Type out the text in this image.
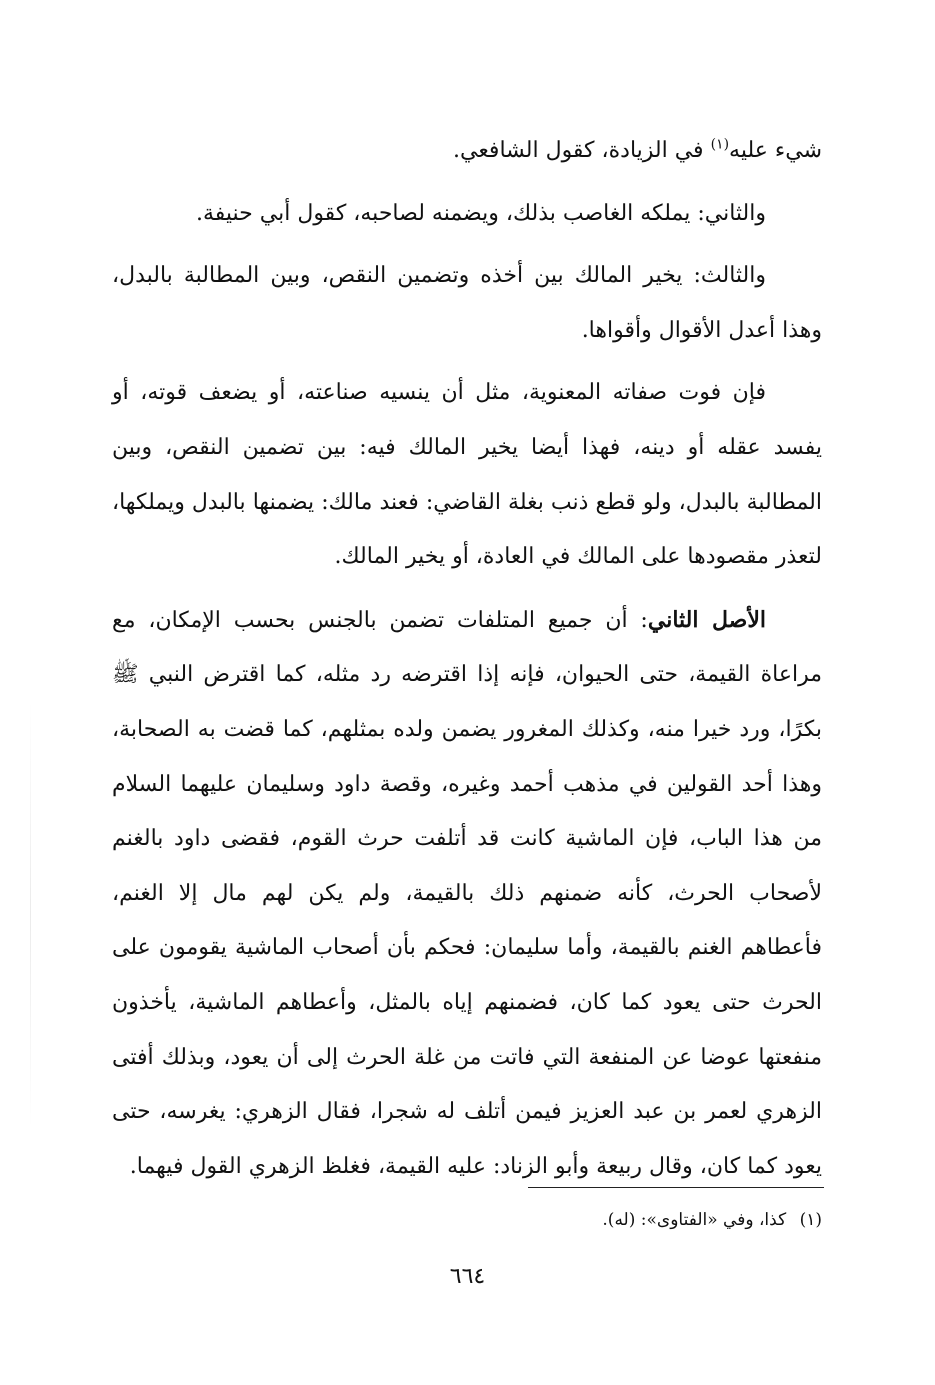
شيء عليه$^{(١)}$ في الزيادة، كقول الشافعي.

والثاني: يملكه الغاصب بذلك، ويضمنه لصاحبه، كقول أبي حنيفة.

والثالث: يخير المالك بين أخذه وتضمين النقص، وبين المطالبة بالبدل، وهذا أعدل الأقوال وأقواها.

فإن فوت صفاته المعنوية، مثل أن ينسيه صناعته، أو يضعف قوته، أو يفسد عقله أو دينه، فهذا أيضا يخير المالك فيه: بين تضمين النقص، وبين المطالبة بالبدل، ولو قطع ذنب بغلة القاضي: فعند مالك: يضمنها بالبدل ويملكها، لتعذر مقصودها على المالك في العادة، أو يخير المالك.

الأصل الثاني: أن جميع المتلفات تضمن بالجنس بحسب الإمكان، مع مراعاة القيمة، حتى الحيوان، فإنه إذا اقترضه رد مثله، كما اقترض النبي ﷺ بكرًا، ورد خيرا منه، وكذلك المغرور يضمن ولده بمثلهم، كما قضت به الصحابة، وهذا أحد القولين في مذهب أحمد وغيره، وقصة داود وسليمان عليهما السلام من هذا الباب، فإن الماشية كانت قد أتلفت حرث القوم، فقضى داود بالغنم لأصحاب الحرث، كأنه ضمنهم ذلك بالقيمة، ولم يكن لهم مال إلا الغنم، فأعطاهم الغنم بالقيمة، وأما سليمان: فحكم بأن أصحاب الماشية يقومون على الحرث حتى يعود كما كان، فضمنهم إياه بالمثل، وأعطاهم الماشية، يأخذون منفعتها عوضا عن المنفعة التي فاتت من غلة الحرث إلى أن يعود، وبذلك أفتى الزهري لعمر بن عبد العزيز فيمن أتلف له شجرا، فقال الزهري: يغرسه، حتى يعود كما كان، وقال ربيعة وأبو الزناد: عليه القيمة، فغلظ الزهري القول فيهما.

(١) كذا، وفي «الفتاوى»: (له).
٦٦٤
